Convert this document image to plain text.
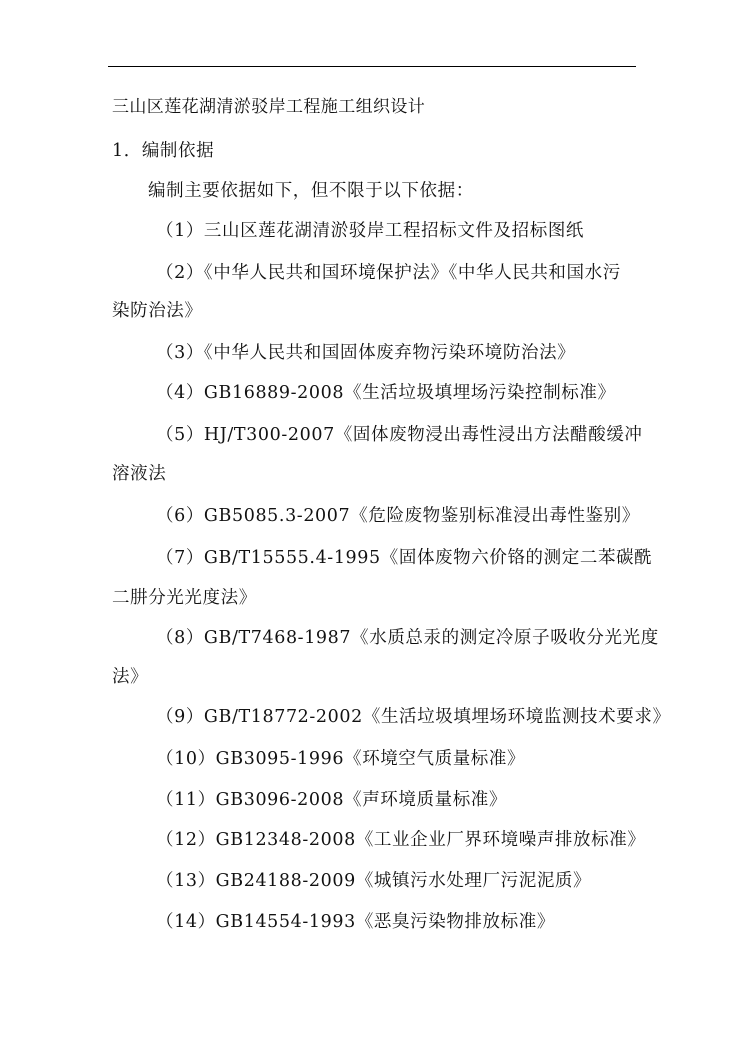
三山区莲花湖清淤驳岸工程施工组织设计
1．编制依据
编制主要依据如下，但不限于以下依据：
（1）三山区莲花湖清淤驳岸工程招标文件及招标图纸
（2）《中华人民共和国环境保护法》《中华人民共和国水污
染防治法》
（3）《中华人民共和国固体废弃物污染环境防治法》
（4）GB16889-2008《生活垃圾填埋场污染控制标准》
（5）HJ/T300-2007《固体废物浸出毒性浸出方法醋酸缓冲
溶液法
（6）GB5085.3-2007《危险废物鉴别标准浸出毒性鉴别》
（7）GB/T15555.4-1995《固体废物六价铬的测定二苯碳酰
二肼分光光度法》
（8）GB/T7468-1987《水质总汞的测定冷原子吸收分光光度
法》
（9）GB/T18772-2002《生活垃圾填埋场环境监测技术要求》
（10）GB3095-1996《环境空气质量标准》
（11）GB3096-2008《声环境质量标准》
（12）GB12348-2008《工业企业厂界环境噪声排放标准》
（13）GB24188-2009《城镇污水处理厂污泥泥质》
（14）GB14554-1993《恶臭污染物排放标准》
